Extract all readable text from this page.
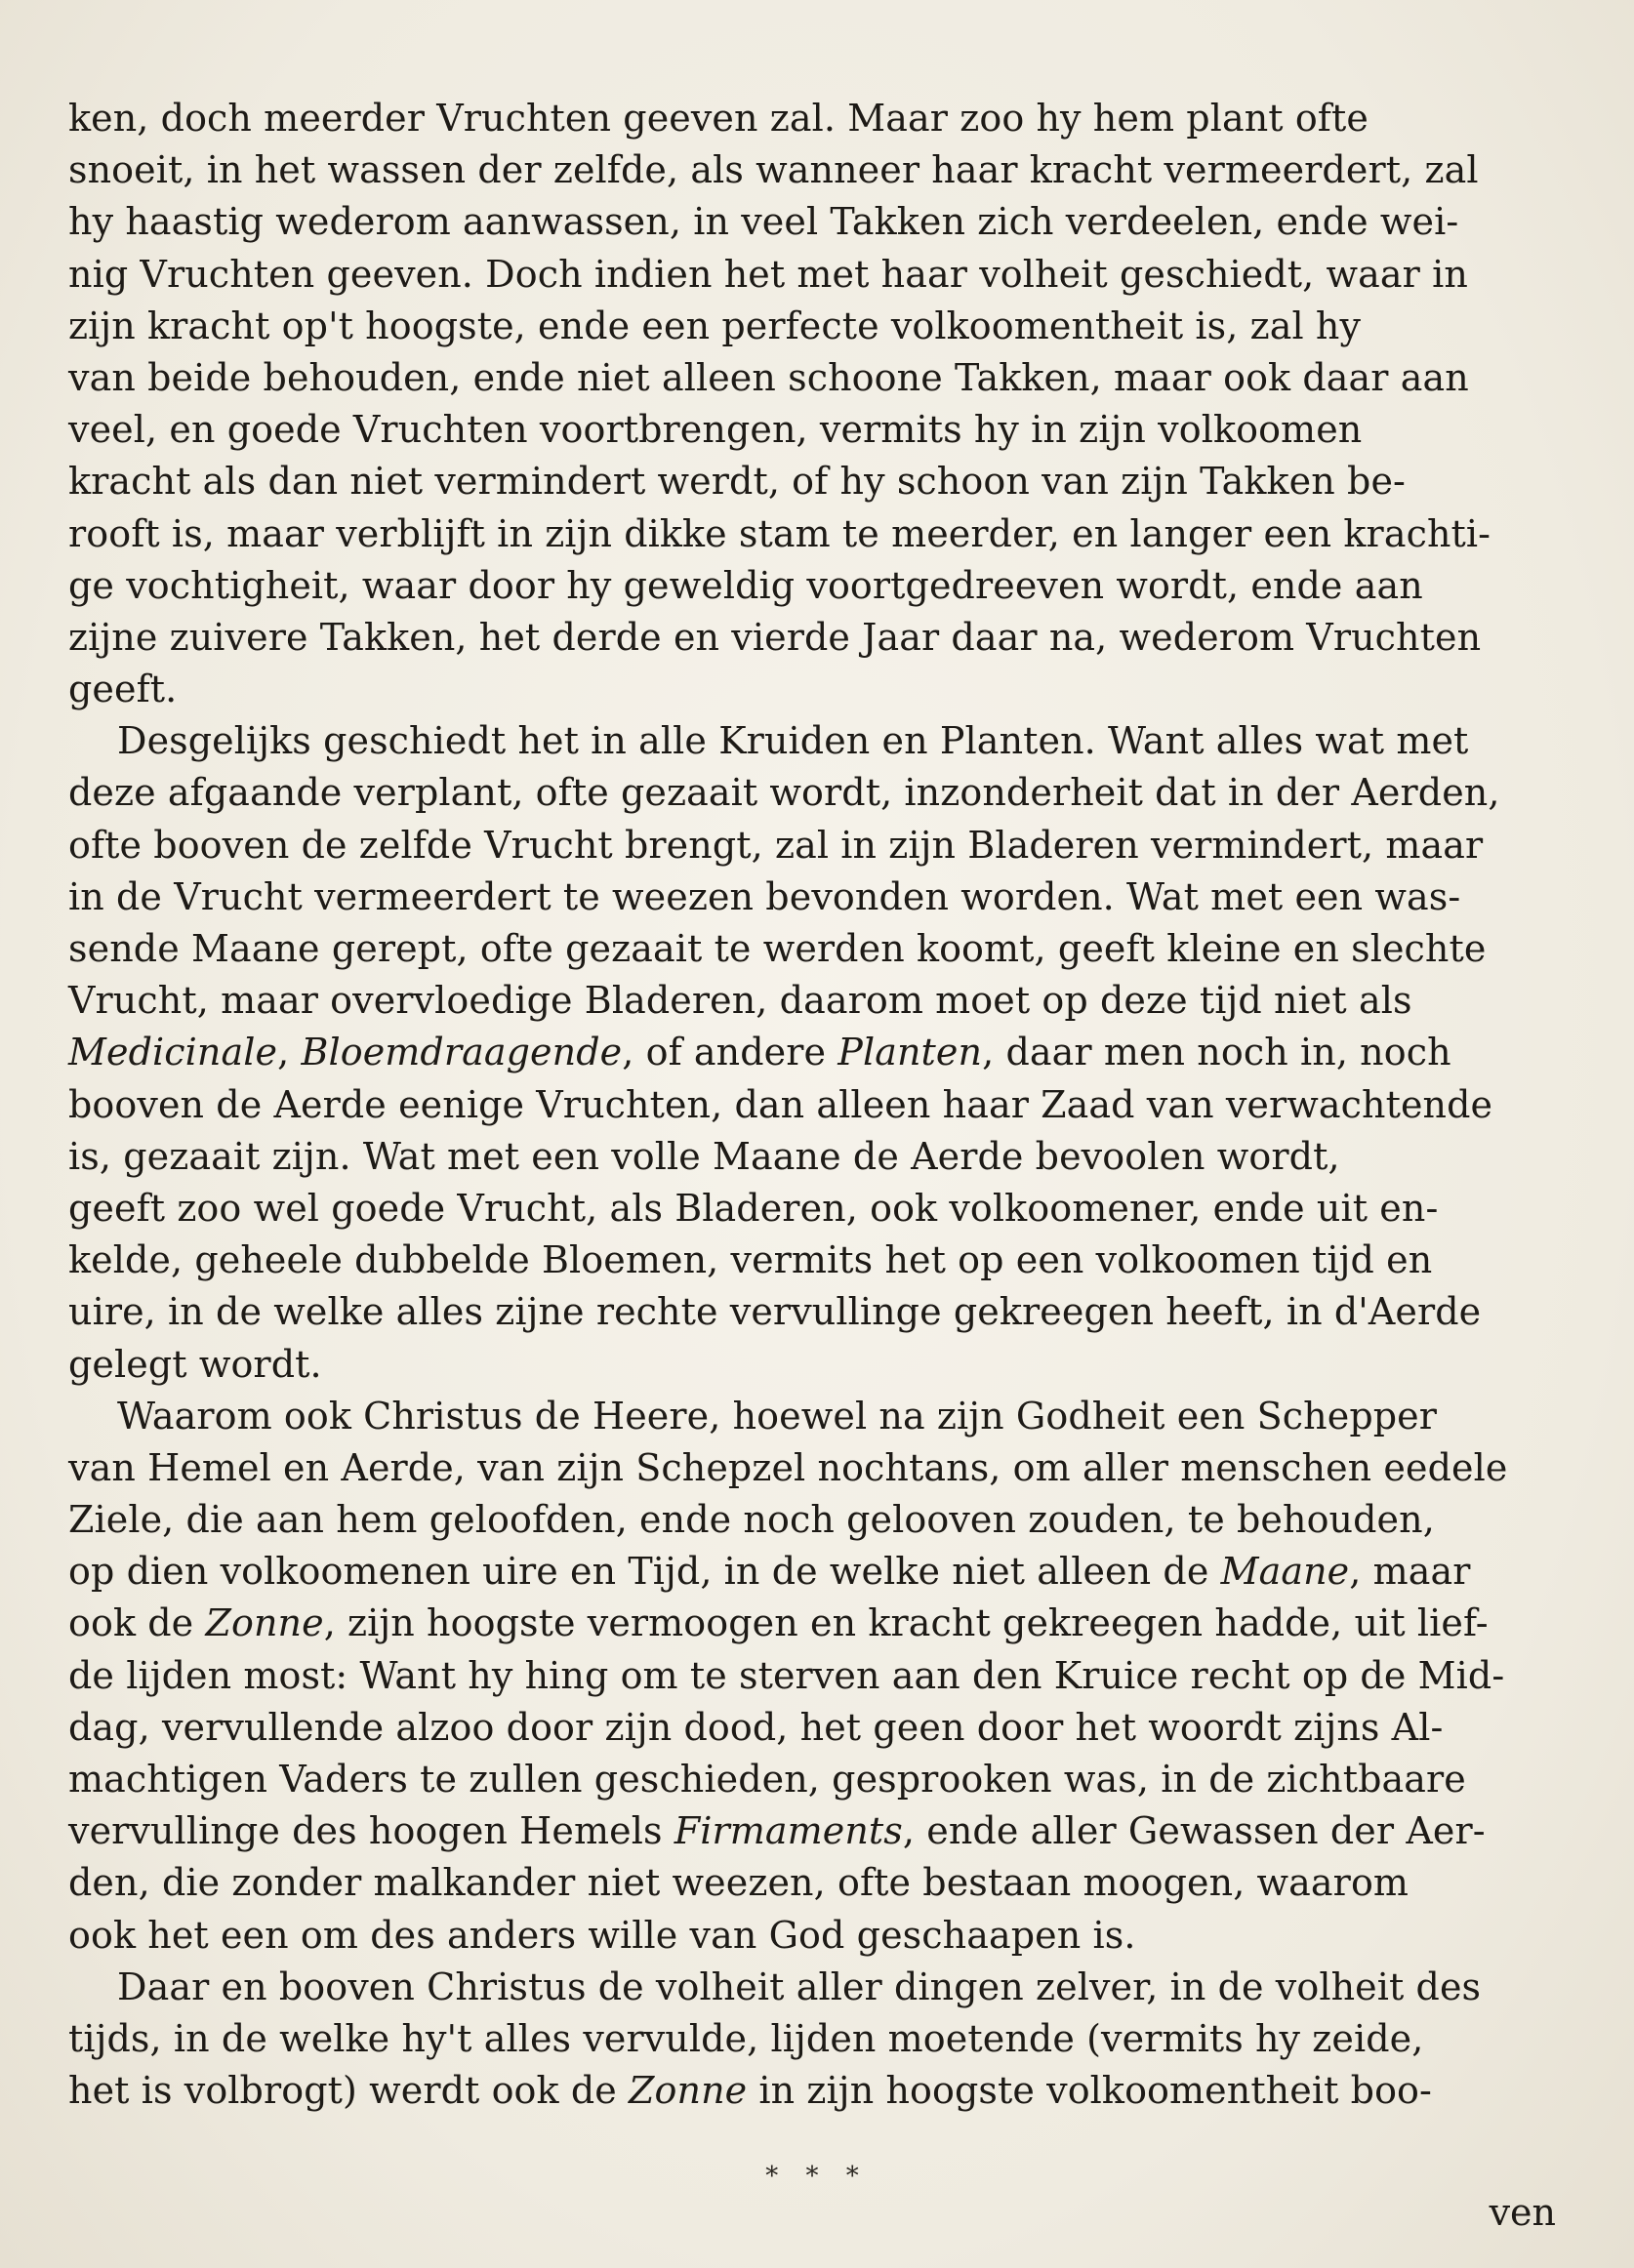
ken, doch meerder Vruchten geeven zal. Maar zoo hy hem plant ofte
snoeit, in het wassen der zelfde, als wanneer haar kracht vermeerdert, zal
hy haastig wederom aanwassen, in veel Takken zich verdeelen, ende wei-
nig Vruchten geeven. Doch indien het met haar volheit geschiedt, waar in
zijn kracht op't hoogste, ende een perfecte volkoomentheit is, zal hy
van beide behouden, ende niet alleen schoone Takken, maar ook daar aan
veel, en goede Vruchten voortbrengen, vermits hy in zijn volkoomen
kracht als dan niet vermindert werdt, of hy schoon van zijn Takken be-
rooft is, maar verblijft in zijn dikke stam te meerder, en langer een krachti-
ge vochtigheit, waar door hy geweldig voortgedreeven wordt, ende aan
zijne zuivere Takken, het derde en vierde Jaar daar na, wederom Vruchten
geeft.
Desgelijks geschiedt het in alle Kruiden en Planten. Want alles wat met
deze afgaande verplant, ofte gezaait wordt, inzonderheit dat in der Aerden,
ofte booven de zelfde Vrucht brengt, zal in zijn Bladeren vermindert, maar
in de Vrucht vermeerdert te weezen bevonden worden. Wat met een was-
sende Maane gerept, ofte gezaait te werden koomt, geeft kleine en slechte
Vrucht, maar overvloedige Bladeren, daarom moet op deze tijd niet als
Medicinale, Bloemdraagende, of andere Planten, daar men noch in, noch
booven de Aerde eenige Vruchten, dan alleen haar Zaad van verwachtende
is, gezaait zijn. Wat met een volle Maane de Aerde bevoolen wordt,
geeft zoo wel goede Vrucht, als Bladeren, ook volkoomener, ende uit en-
kelde, geheele dubbelde Bloemen, vermits het op een volkoomen tijd en
uire, in de welke alles zijne rechte vervullinge gekreegen heeft, in d'Aerde
gelegt wordt.
Waarom ook Christus de Heere, hoewel na zijn Godheit een Schepper
van Hemel en Aerde, van zijn Schepzel nochtans, om aller menschen eedele
Ziele, die aan hem geloofden, ende noch gelooven zouden, te behouden,
op dien volkoomenen uire en Tijd, in de welke niet alleen de Maane, maar
ook de Zonne, zijn hoogste vermoogen en kracht gekreegen hadde, uit lief-
de lijden most: Want hy hing om te sterven aan den Kruice recht op de Mid-
dag, vervullende alzoo door zijn dood, het geen door het woordt zijns Al-
machtigen Vaders te zullen geschieden, gesprooken was, in de zichtbaare
vervullinge des hoogen Hemels Firmaments, ende aller Gewassen der Aer-
den, die zonder malkander niet weezen, ofte bestaan moogen, waarom
ook het een om des anders wille van God geschaapen is.
Daar en booven Christus de volheit aller dingen zelver, in de volheit des
tijds, in de welke hy't alles vervulde, lijden moetende (vermits hy zeide,
het is volbrogt) werdt ook de Zonne in zijn hoogste volkoomentheit boo-
* * *
ven
